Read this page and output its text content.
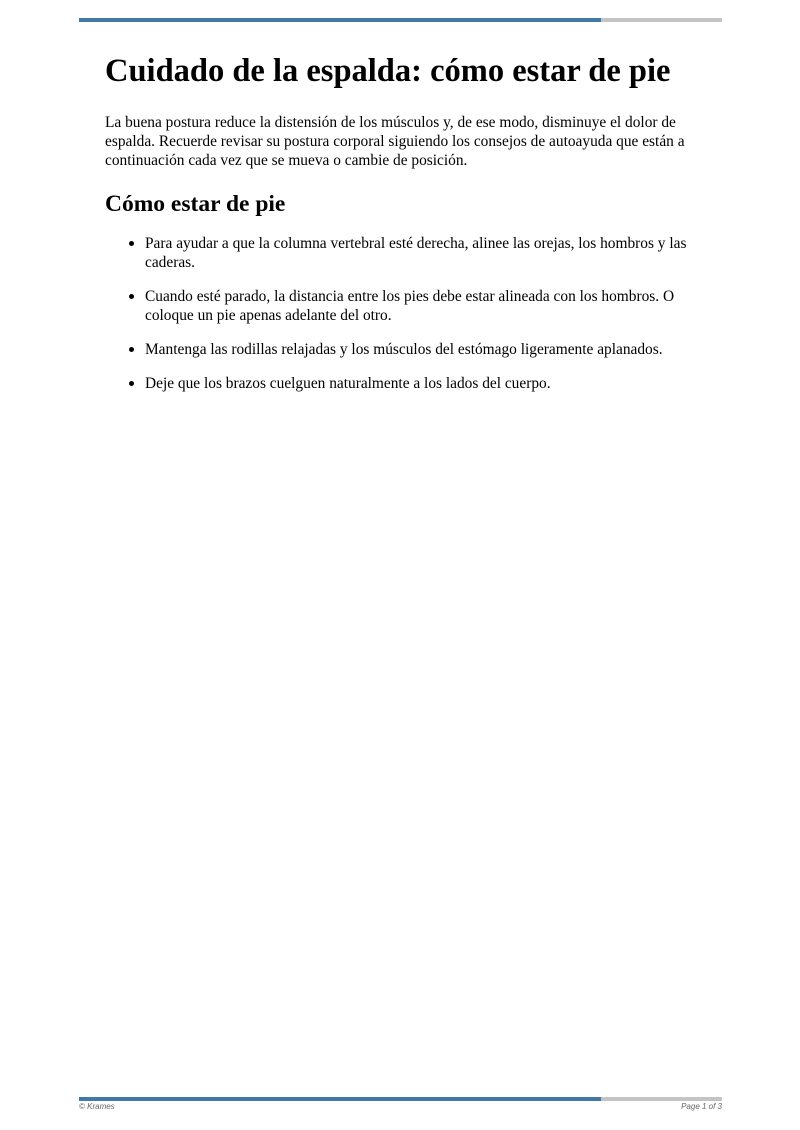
Cuidado de la espalda: cómo estar de pie

La buena postura reduce la distensión de los músculos y, de ese modo, disminuye el dolor de espalda. Recuerde revisar su postura corporal siguiendo los consejos de autoayuda que están a continuación cada vez que se mueva o cambie de posición.

Cómo estar de pie
Para ayudar a que la columna vertebral esté derecha, alinee las orejas, los hombros y las caderas.
Cuando esté parado, la distancia entre los pies debe estar alineada con los hombros. O coloque un pie apenas adelante del otro.
Mantenga las rodillas relajadas y los músculos del estómago ligeramente aplanados.
Deje que los brazos cuelguen naturalmente a los lados del cuerpo.
© Krames	Page 1 of 3
